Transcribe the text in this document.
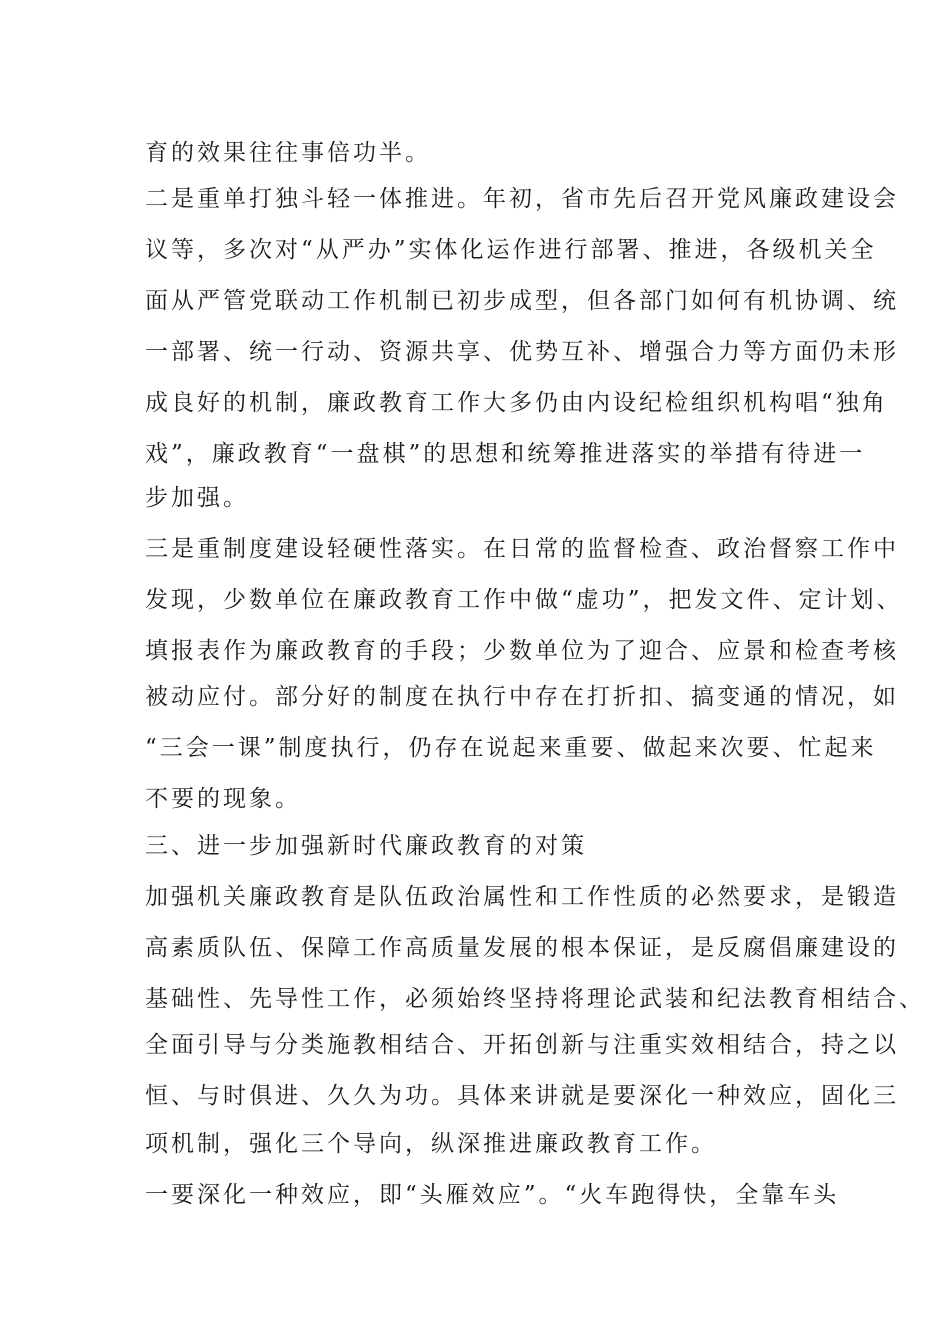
育的效果往往事倍功半。
二是重单打独斗轻一体推进。年初，省市先后召开党风廉政建设会
议等，多次对“从严办”实体化运作进行部署、推进，各级机关全
面从严管党联动工作机制已初步成型，但各部门如何有机协调、统
一部署、统一行动、资源共享、优势互补、增强合力等方面仍未形
成良好的机制，廉政教育工作大多仍由内设纪检组织机构唱“独角
戏”，廉政教育“一盘棋”的思想和统筹推进落实的举措有待进一
步加强。
三是重制度建设轻硬性落实。在日常的监督检查、政治督察工作中
发现，少数单位在廉政教育工作中做“虚功”，把发文件、定计划、
填报表作为廉政教育的手段；少数单位为了迎合、应景和检查考核
被动应付。部分好的制度在执行中存在打折扣、搞变通的情况，如
“三会一课”制度执行，仍存在说起来重要、做起来次要、忙起来
不要的现象。
三、进一步加强新时代廉政教育的对策
加强机关廉政教育是队伍政治属性和工作性质的必然要求，是锻造
高素质队伍、保障工作高质量发展的根本保证，是反腐倡廉建设的
基础性、先导性工作，必须始终坚持将理论武装和纪法教育相结合、
全面引导与分类施教相结合、开拓创新与注重实效相结合，持之以
恒、与时俱进、久久为功。具体来讲就是要深化一种效应，固化三
项机制，强化三个导向，纵深推进廉政教育工作。
一要深化一种效应，即“头雁效应”。“火车跑得快，全靠车头
